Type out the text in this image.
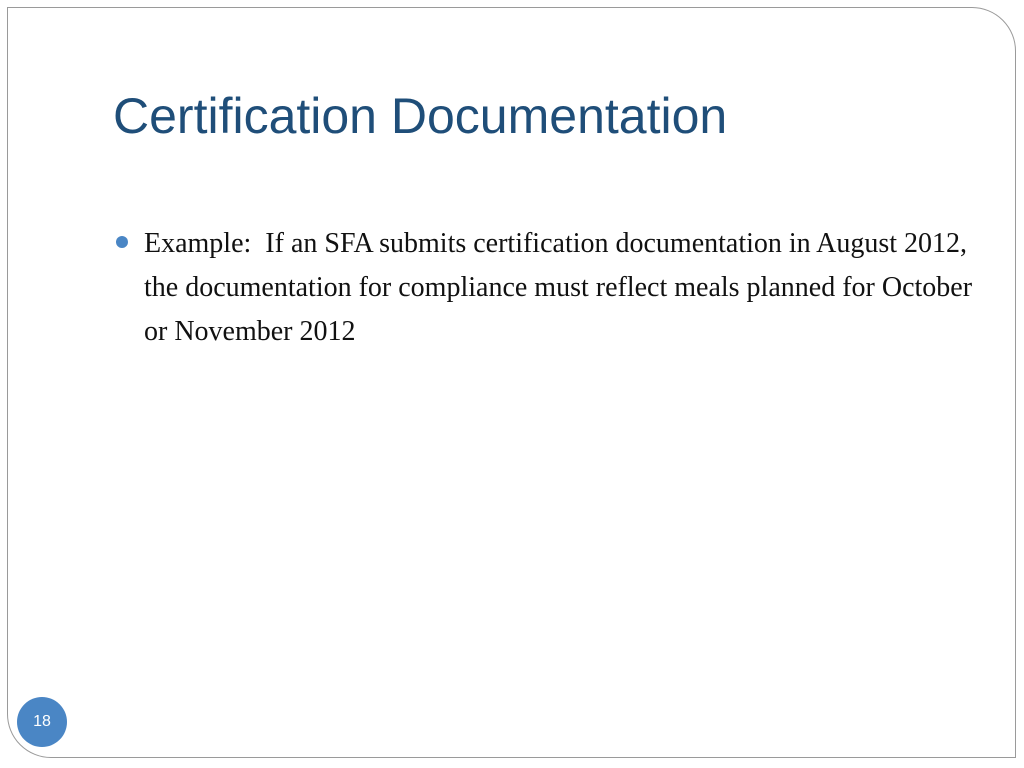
Certification Documentation
Example:  If an SFA submits certification documentation in August 2012, the documentation for compliance must reflect meals planned for October or November 2012
18
